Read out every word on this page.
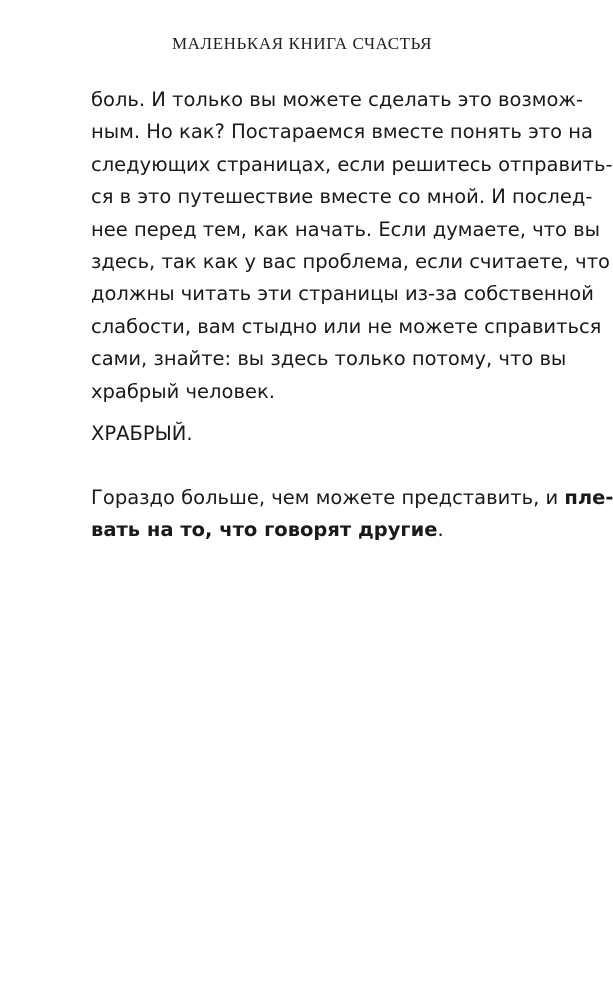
МАЛЕНЬКАЯ КНИГА СЧАСТЬЯ
боль. И только вы можете сделать это возмож-
ным. Но как? Постараемся вместе понять это на
следующих страницах, если решитесь отправить-
ся в это путешествие вместе со мной. И послед-
нее перед тем, как начать. Если думаете, что вы
здесь, так как у вас проблема, если считаете, что
должны читать эти страницы из-за собственной
слабости, вам стыдно или не можете справиться
сами, знайте: вы здесь только потому, что вы
храбрый человек.
ХРАБРЫЙ.
Гораздо больше, чем можете представить, и пле-
вать на то, что говорят другие.
